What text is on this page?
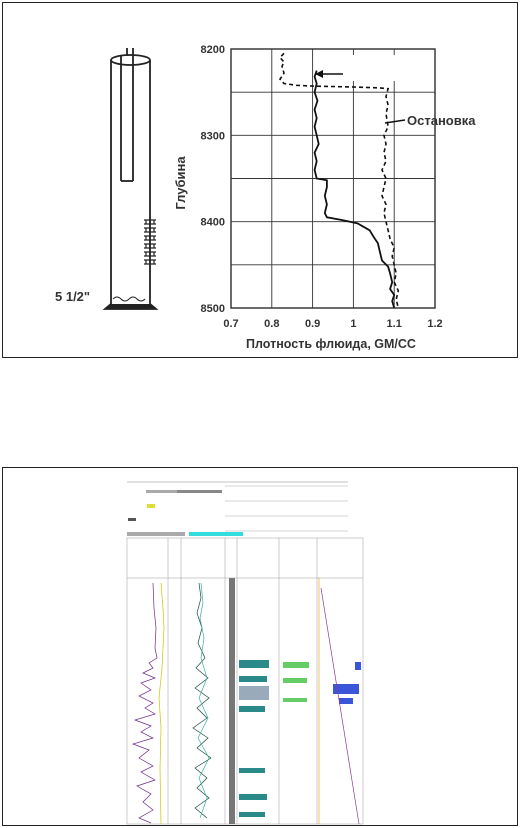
5 1/2"
0.7 0.8 0.9	1	1.1 1.2
8200
8300
8400
8500
Глубина
Плотность флюида, GM/CC
Остановка
